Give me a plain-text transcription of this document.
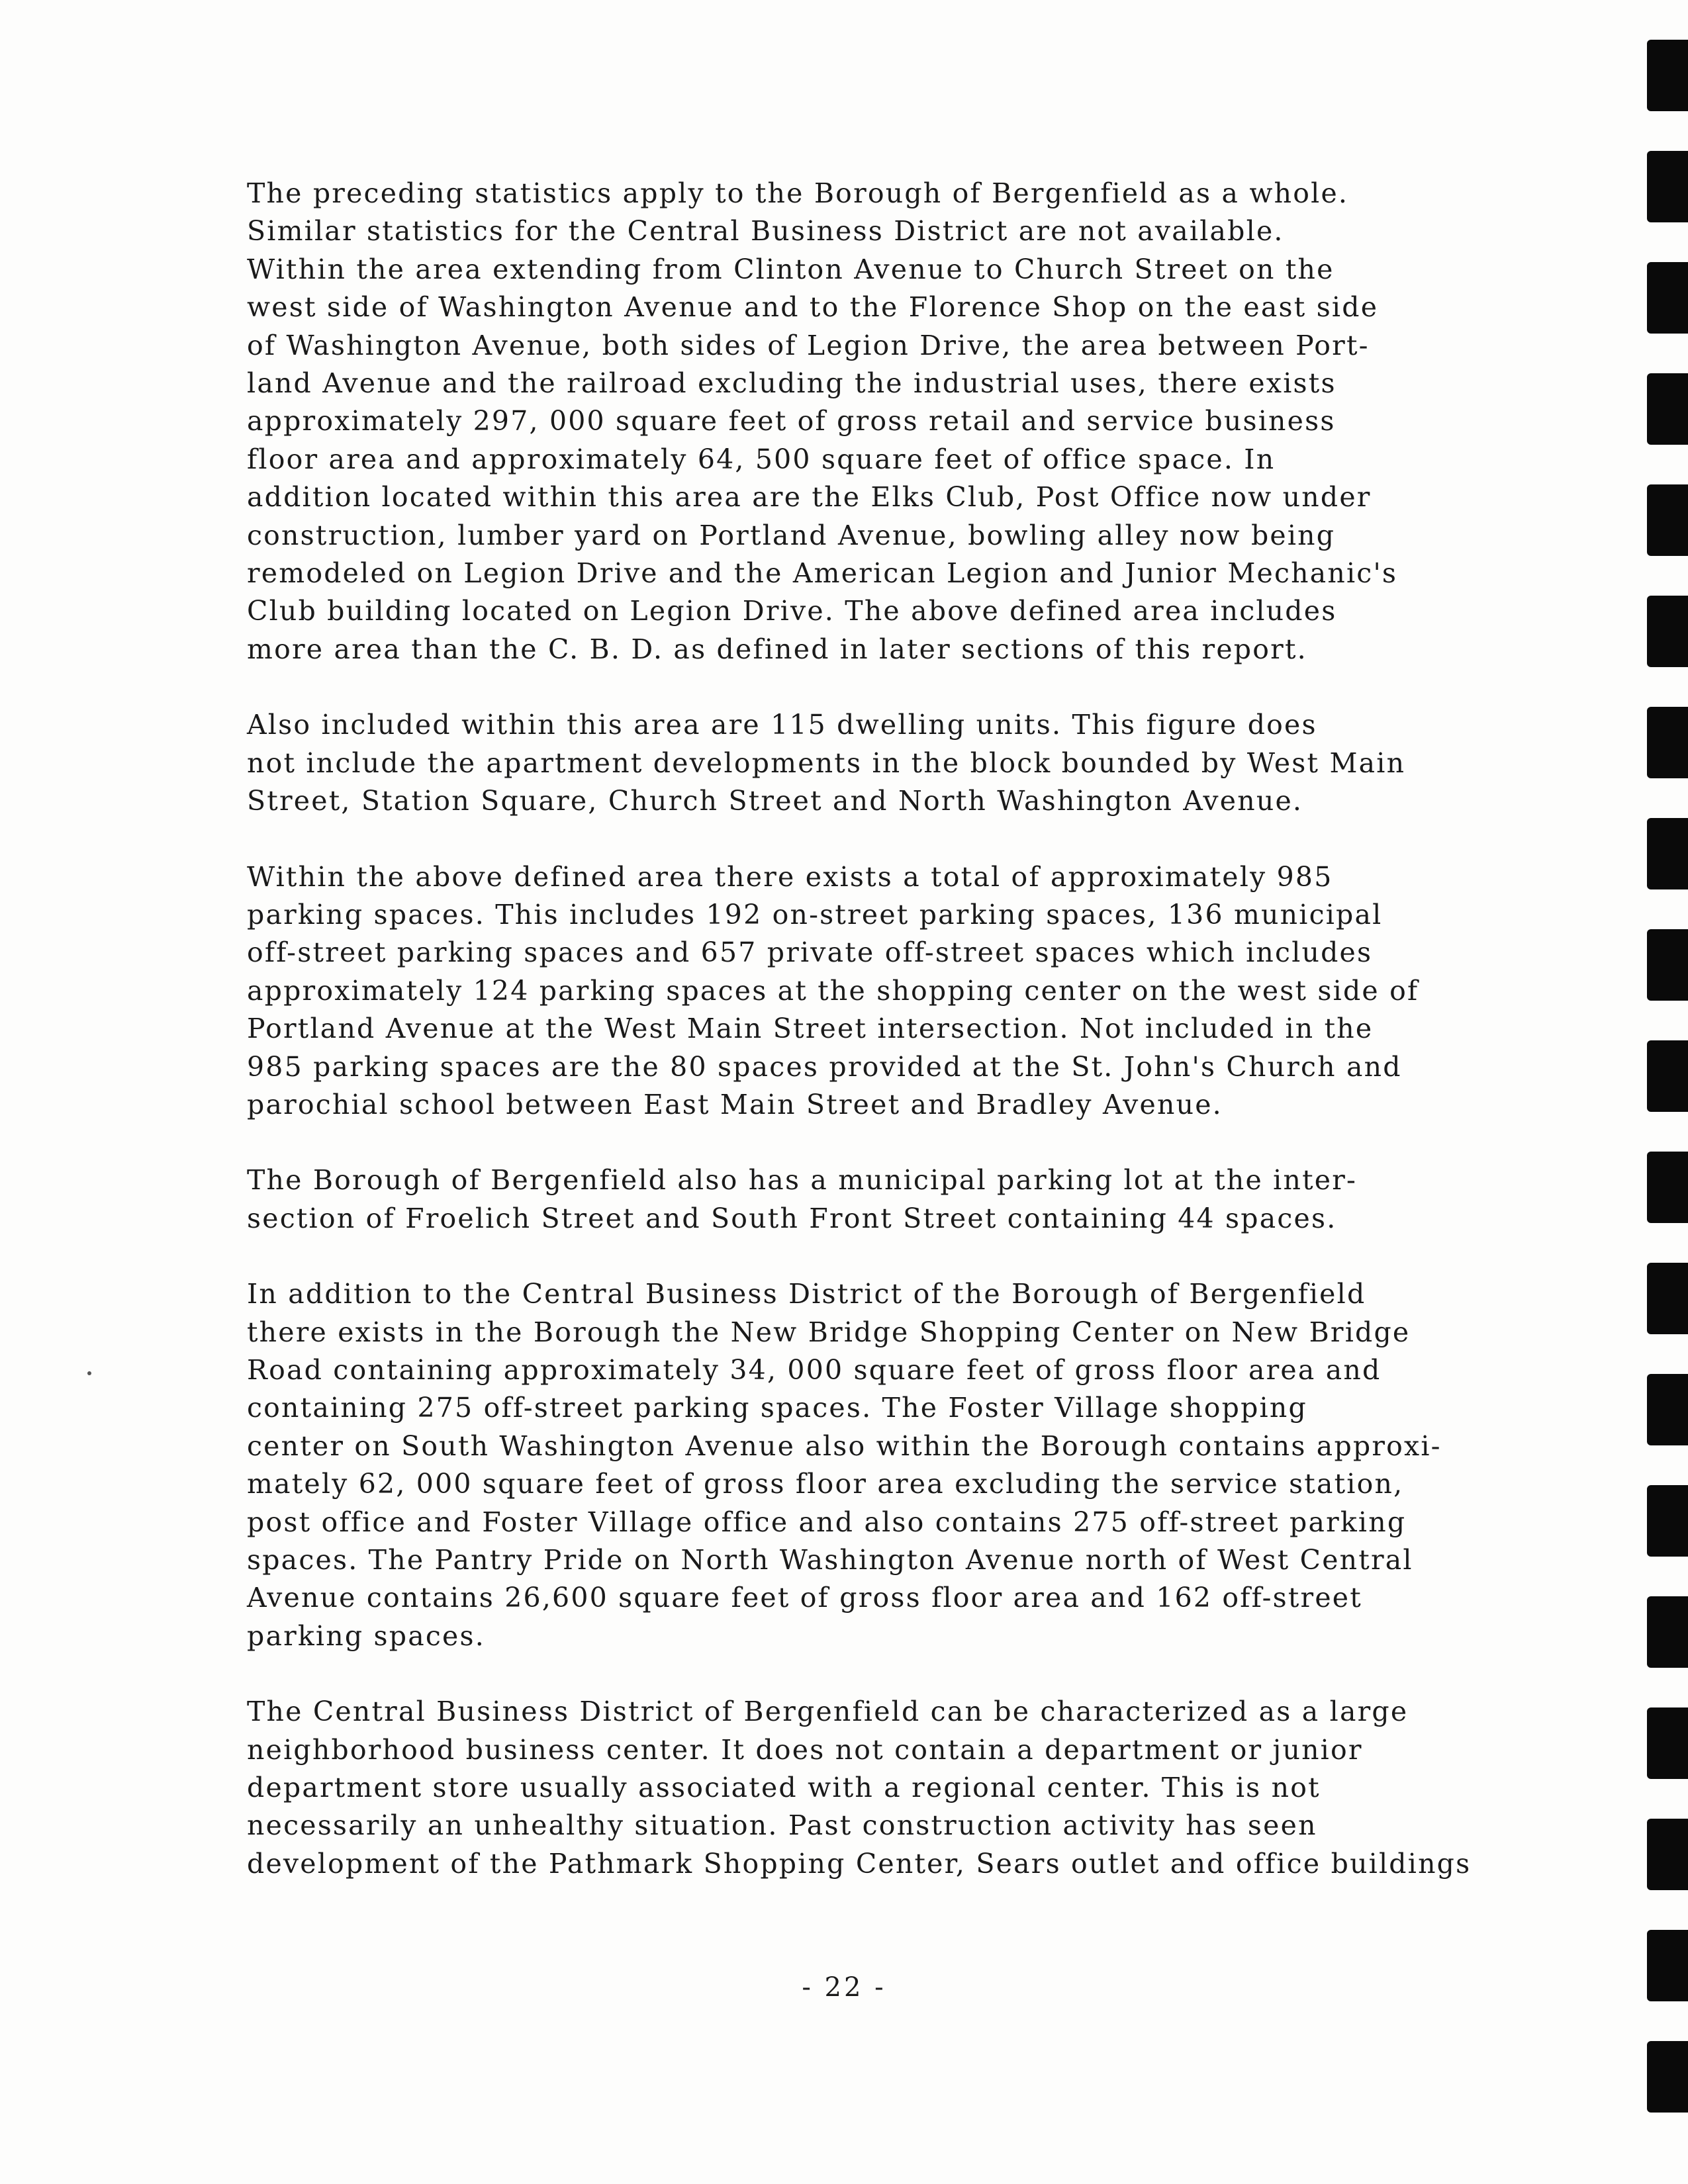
The preceding statistics apply to the Borough of Bergenfield as a whole.
Similar statistics for the Central Business District are not available.
Within the area extending from Clinton Avenue to Church Street on the
west side of Washington Avenue and to the Florence Shop on the east side
of Washington Avenue, both sides of Legion Drive, the area between Port-
land Avenue and the railroad excluding the industrial uses, there exists
approximately 297, 000 square feet of gross retail and service business
floor area and approximately 64, 500 square feet of office space. In
addition located within this area are the Elks Club, Post Office now under
construction, lumber yard on Portland Avenue, bowling alley now being
remodeled on Legion Drive and the American Legion and Junior Mechanic's
Club building located on Legion Drive. The above defined area includes
more area than the C. B. D. as defined in later sections of this report.
Also included within this area are 115 dwelling units. This figure does
not include the apartment developments in the block bounded by West Main
Street, Station Square, Church Street and North Washington Avenue.
Within the above defined area there exists a total of approximately 985
parking spaces. This includes 192 on-street parking spaces, 136 municipal
off-street parking spaces and 657 private off-street spaces which includes
approximately 124 parking spaces at the shopping center on the west side of
Portland Avenue at the West Main Street intersection. Not included in the
985 parking spaces are the 80 spaces provided at the St. John's Church and
parochial school between East Main Street and Bradley Avenue.
The Borough of Bergenfield also has a municipal parking lot at the inter-
section of Froelich Street and South Front Street containing 44 spaces.
In addition to the Central Business District of the Borough of Bergenfield
there exists in the Borough the New Bridge Shopping Center on New Bridge
Road containing approximately 34, 000 square feet of gross floor area and
containing 275 off-street parking spaces. The Foster Village shopping
center on South Washington Avenue also within the Borough contains approxi-
mately 62, 000 square feet of gross floor area excluding the service station,
post office and Foster Village office and also contains 275 off-street parking
spaces. The Pantry Pride on North Washington Avenue north of West Central
Avenue contains 26,600 square feet of gross floor area and 162 off-street
parking spaces.
The Central Business District of Bergenfield can be characterized as a large
neighborhood business center. It does not contain a department or junior
department store usually associated with a regional center. This is not
necessarily an unhealthy situation. Past construction activity has seen
development of the Pathmark Shopping Center, Sears outlet and office buildings
- 22 -
